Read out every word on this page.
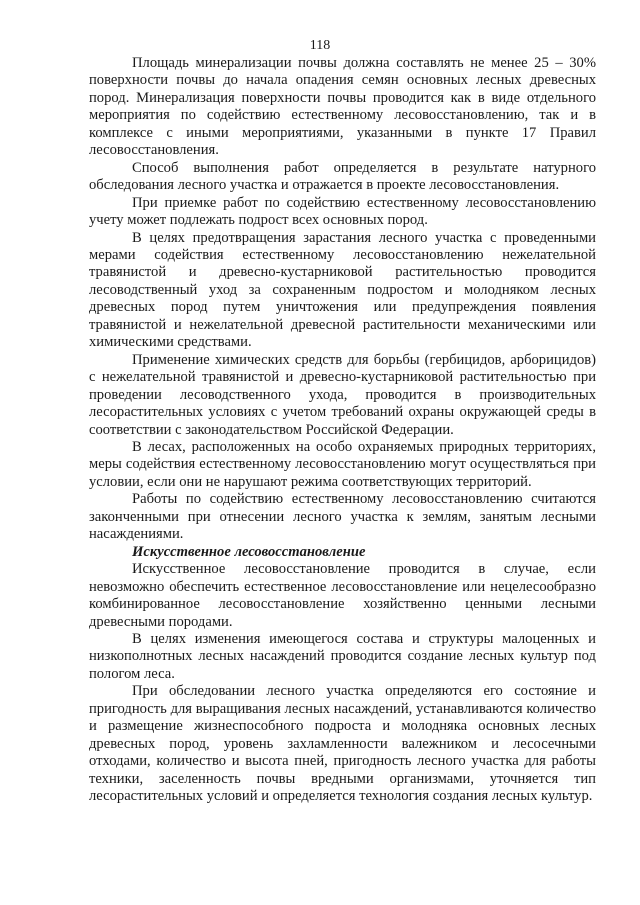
118

Площадь минерализации почвы должна составлять не менее 25 – 30% поверхности почвы до начала опадения семян основных лесных древесных пород. Минерализация поверхности почвы проводится как в виде отдельного мероприятия по содействию естественному лесовосстановлению, так и в комплексе с иными мероприятиями, указанными в пункте 17 Правил лесовосстановления.

Способ выполнения работ определяется в результате натурного обследования лесного участка и отражается в проекте лесовосстановления.

При приемке работ по содействию естественному лесовосстановлению учету может подлежать подрост всех основных пород.

В целях предотвращения зарастания лесного участка с проведенными мерами содействия естественному лесовосстановлению нежелательной травянистой и древесно-кустарниковой растительностью проводится лесоводственный уход за сохраненным подростом и молодняком лесных древесных пород путем уничтожения или предупреждения появления травянистой и нежелательной древесной растительности механическими или химическими средствами.

Применение химических средств для борьбы (гербицидов, арборицидов) с нежелательной травянистой и древесно-кустарниковой растительностью при проведении лесоводственного ухода, проводится в производительных лесорастительных условиях с учетом требований охраны окружающей среды в соответствии с законодательством Российской Федерации.

В лесах, расположенных на особо охраняемых природных территориях, меры содействия естественному лесовосстановлению могут осуществляться при условии, если они не нарушают режима соответствующих территорий.

Работы по содействию естественному лесовосстановлению считаются законченными при отнесении лесного участка к землям, занятым лесными насаждениями.

Искусственное лесовосстановление

Искусственное лесовосстановление проводится в случае, если невозможно обеспечить естественное лесовосстановление или нецелесообразно комбинированное лесовосстановление хозяйственно ценными лесными древесными породами.

В целях изменения имеющегося состава и структуры малоценных и низкополнотных лесных насаждений проводится создание лесных культур под пологом леса.

При обследовании лесного участка определяются его состояние и пригодность для выращивания лесных насаждений, устанавливаются количество и размещение жизнеспособного подроста и молодняка основных лесных древесных пород, уровень захламленности валежником и лесосечными отходами, количество и высота пней, пригодность лесного участка для работы техники, заселенность почвы вредными организмами, уточняется тип лесорастительных условий и определяется технология создания лесных культур.
